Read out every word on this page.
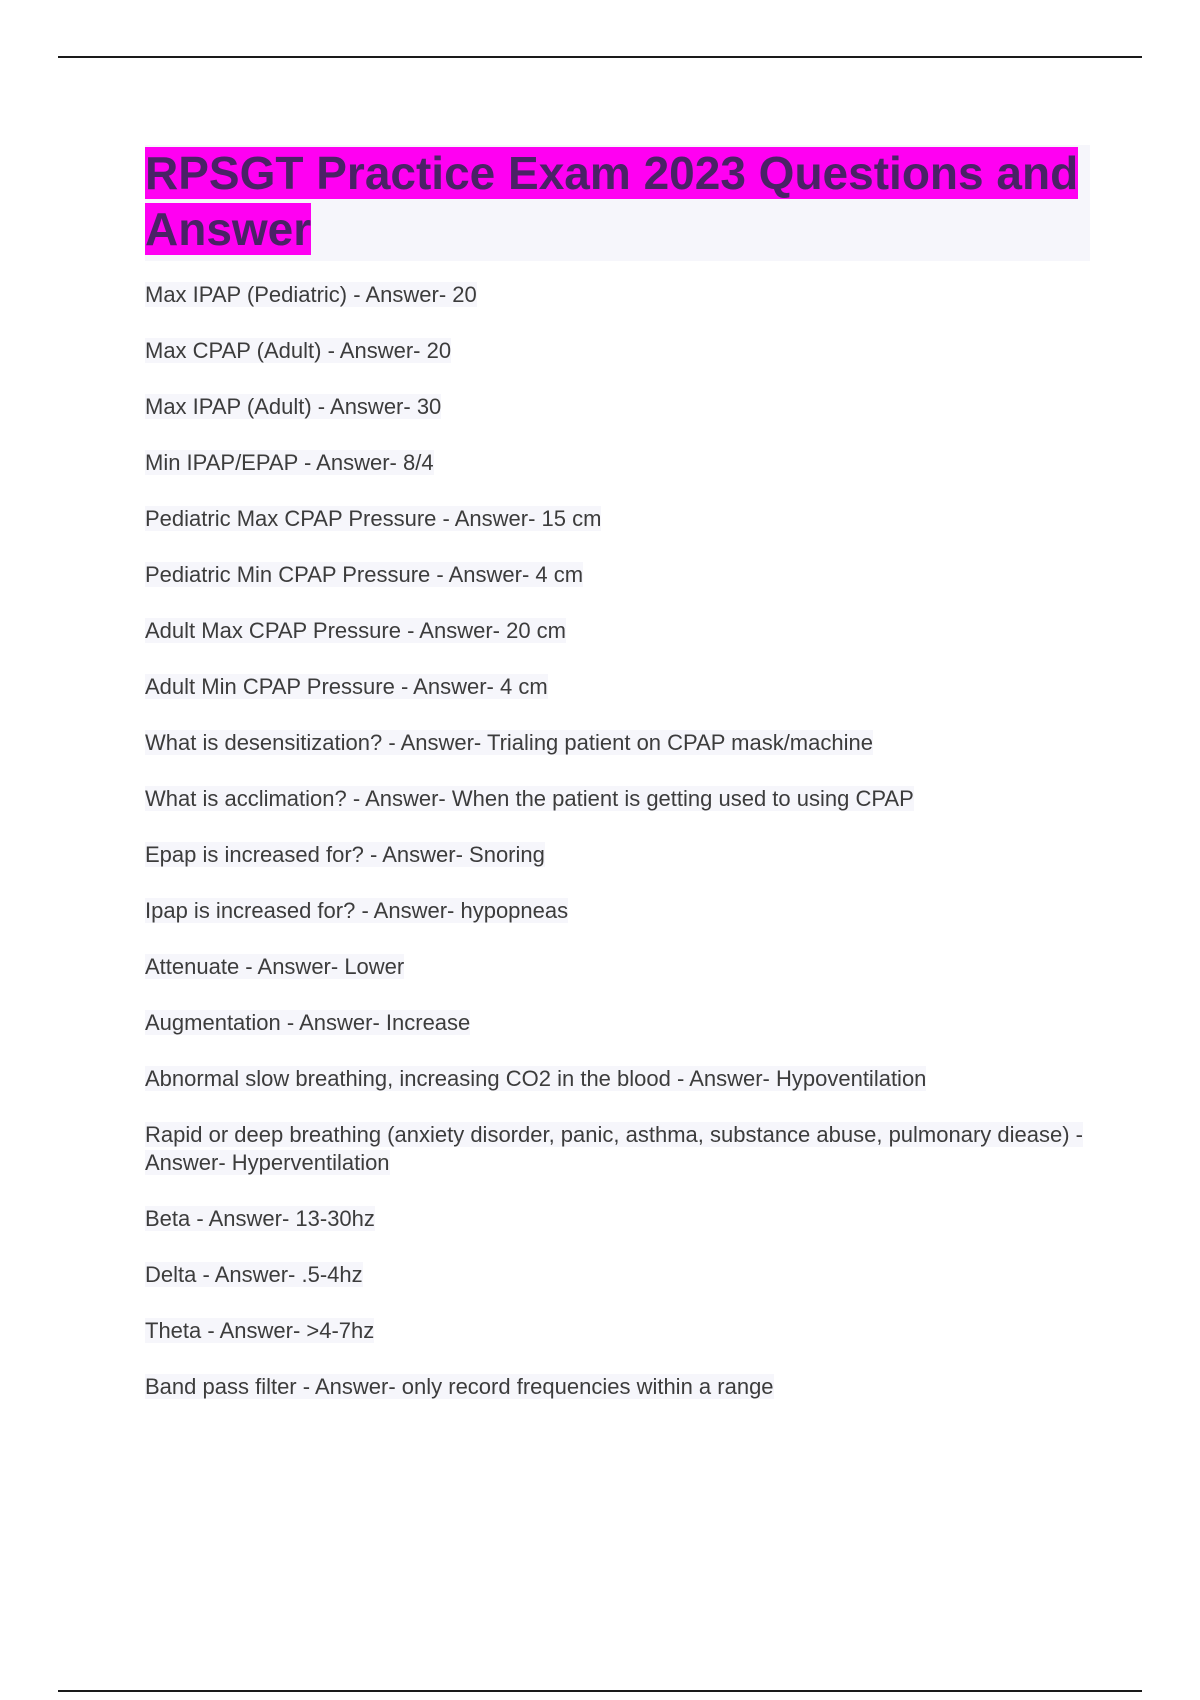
RPSGT Practice Exam 2023 Questions and Answer
Max IPAP (Pediatric) - Answer- 20
Max CPAP (Adult) - Answer- 20
Max IPAP (Adult) - Answer- 30
Min IPAP/EPAP - Answer- 8/4
Pediatric Max CPAP Pressure - Answer- 15 cm
Pediatric Min CPAP Pressure - Answer- 4 cm
Adult Max CPAP Pressure - Answer- 20 cm
Adult Min CPAP Pressure - Answer- 4 cm
What is desensitization? - Answer- Trialing patient on CPAP mask/machine
What is acclimation? - Answer- When the patient is getting used to using CPAP
Epap is increased for? - Answer- Snoring
Ipap is increased for? - Answer- hypopneas
Attenuate - Answer- Lower
Augmentation - Answer- Increase
Abnormal slow breathing, increasing CO2 in the blood - Answer- Hypoventilation
Rapid or deep breathing (anxiety disorder, panic, asthma, substance abuse, pulmonary diease) - Answer- Hyperventilation
Beta - Answer- 13-30hz
Delta - Answer- .5-4hz
Theta - Answer- >4-7hz
Band pass filter - Answer- only record frequencies within a range
